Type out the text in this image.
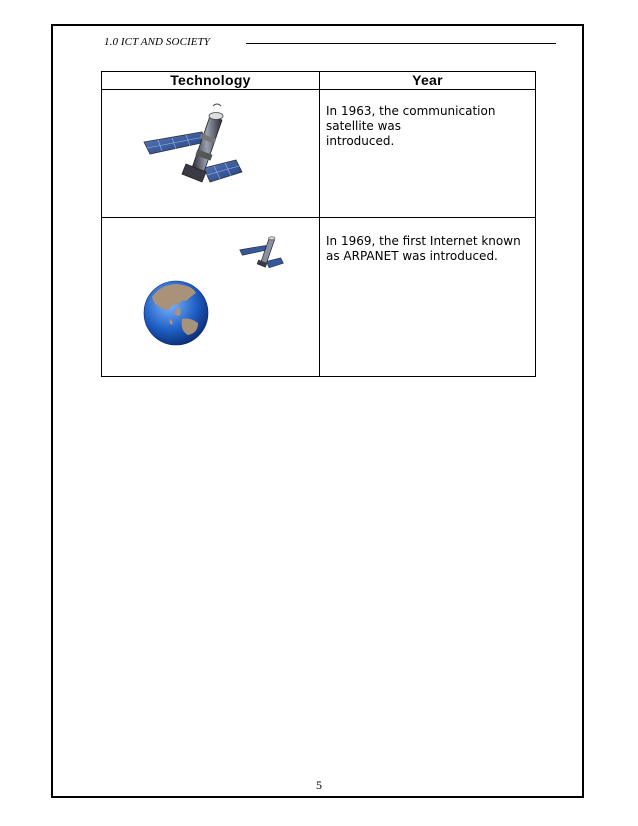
1.0 ICT AND SOCIETY
Technology	Year

In 1963, the communication
satellite was
introduced.

In 1969, the first Internet known
as ARPANET was introduced.
5
